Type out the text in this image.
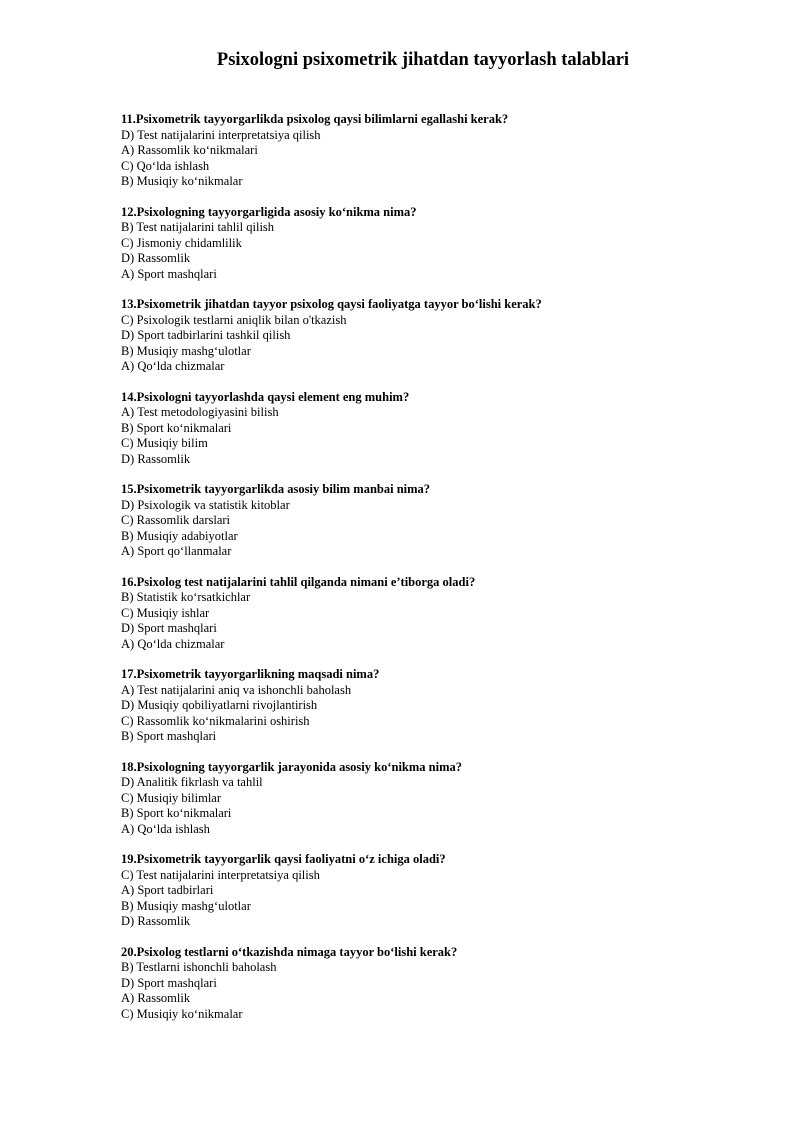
Psixologni psixometrik jihatdan tayyorlash talablari

11.Psixometrik tayyorgarlikda psixolog qaysi bilimlarni egallashi kerak?

D) Test natijalarini interpretatsiya qilish

A) Rassomlik ko‘nikmalari

C) Qo‘lda ishlash

B) Musiqiy ko‘nikmalar

12.Psixologning tayyorgarligida asosiy ko‘nikma nima?

B) Test natijalarini tahlil qilish

C) Jismoniy chidamlilik

D) Rassomlik

A) Sport mashqlari

13.Psixometrik jihatdan tayyor psixolog qaysi faoliyatga tayyor bo‘lishi kerak?

C) Psixologik testlarni aniqlik bilan o'tkazish

D) Sport tadbirlarini tashkil qilish

B) Musiqiy mashg‘ulotlar

A) Qo‘lda chizmalar

14.Psixologni tayyorlashda qaysi element eng muhim?

A) Test metodologiyasini bilish

B) Sport ko‘nikmalari

C) Musiqiy bilim

D) Rassomlik

15.Psixometrik tayyorgarlikda asosiy bilim manbai nima?

D) Psixologik va statistik kitoblar

C) Rassomlik darslari

B) Musiqiy adabiyotlar

A) Sport qo‘llanmalar

16.Psixolog test natijalarini tahlil qilganda nimani e’tiborga oladi?

B) Statistik ko‘rsatkichlar

C) Musiqiy ishlar

D) Sport mashqlari

A) Qo‘lda chizmalar

17.Psixometrik tayyorgarlikning maqsadi nima?

A) Test natijalarini aniq va ishonchli baholash

D) Musiqiy qobiliyatlarni rivojlantirish

C) Rassomlik ko‘nikmalarini oshirish

B) Sport mashqlari

18.Psixologning tayyorgarlik jarayonida asosiy ko‘nikma nima?

D) Analitik fikrlash va tahlil

C) Musiqiy bilimlar

B) Sport ko‘nikmalari

A) Qo‘lda ishlash

19.Psixometrik tayyorgarlik qaysi faoliyatni o‘z ichiga oladi?

C) Test natijalarini interpretatsiya qilish

A) Sport tadbirlari

B) Musiqiy mashg‘ulotlar

D) Rassomlik

20.Psixolog testlarni o‘tkazishda nimaga tayyor bo‘lishi kerak?

B) Testlarni ishonchli baholash

D) Sport mashqlari

A) Rassomlik

C) Musiqiy ko‘nikmalar
